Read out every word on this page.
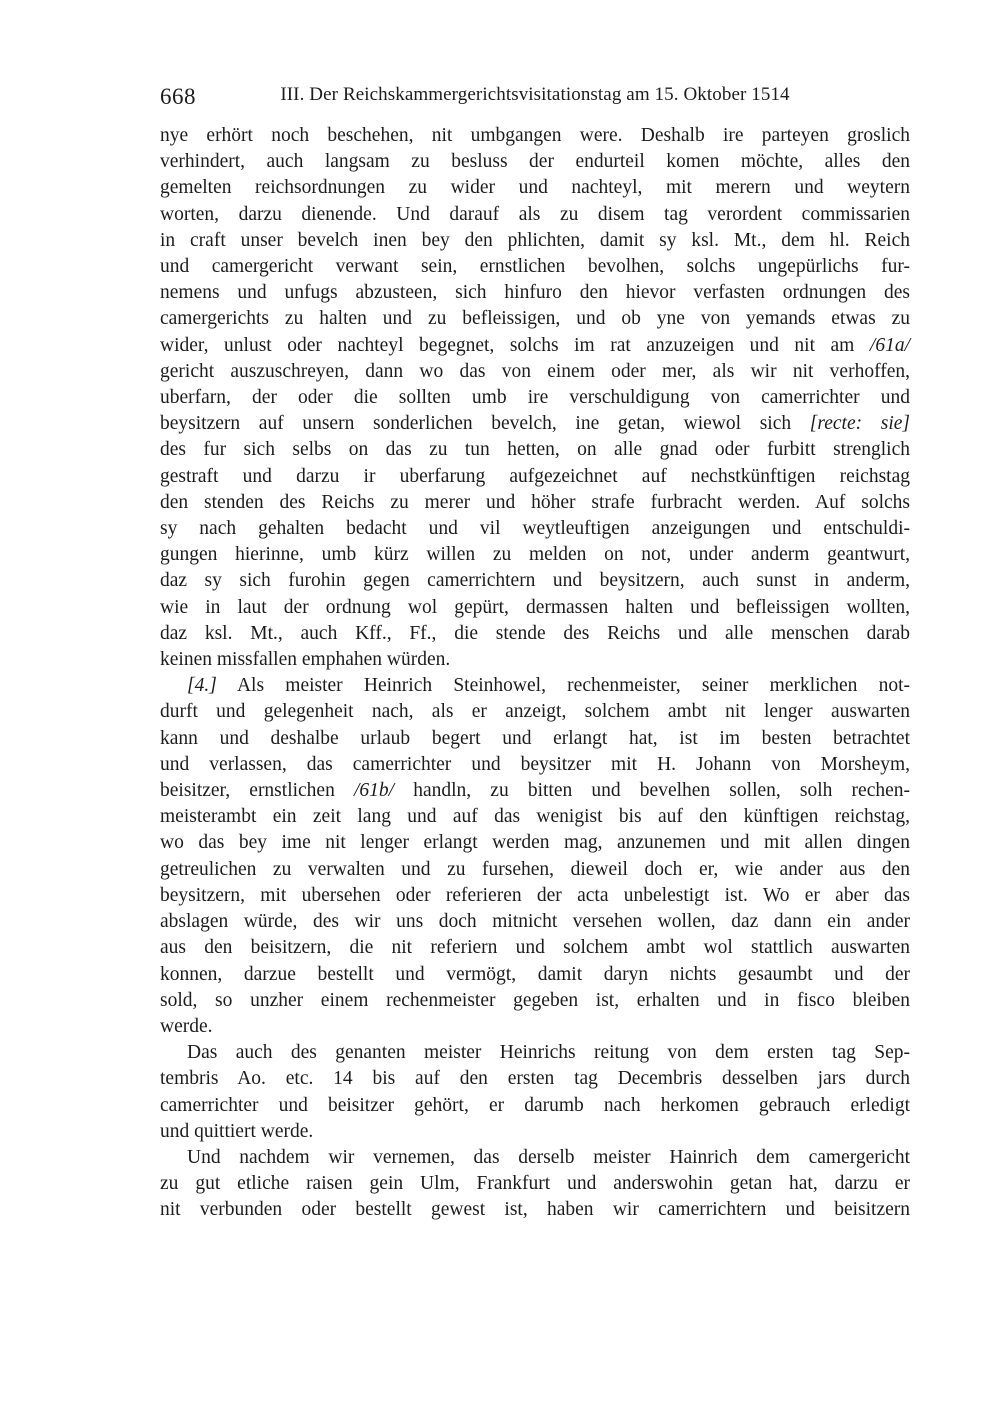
668	III. Der Reichskammergerichtsvisitationstag am 15. Oktober 1514
nye erhört noch beschehen, nit umbgangen were. Deshalb ire parteyen groslich
verhindert, auch langsam zu besluss der endurteil komen möchte, alles den
gemelten reichsordnungen zu wider und nachteyl, mit merern und weytern
worten, darzu dienende. Und darauf als zu disem tag verordent commissarien
in craft unser bevelch inen bey den phlichten, damit sy ksl. Mt., dem hl. Reich
und camergericht verwant sein, ernstlichen bevolhen, solchs ungepürlichs fur-
nemens und unfugs abzusteen, sich hinfuro den hievor verfasten ordnungen des
camergerichts zu halten und zu befleissigen, und ob yne von yemands etwas zu
wider, unlust oder nachteyl begegnet, solchs im rat anzuzeigen und nit am /61a/
gericht auszuschreyen, dann wo das von einem oder mer, als wir nit verhoffen,
uberfarn, der oder die sollten umb ire verschuldigung von camerrichter und
beysitzern auf unsern sonderlichen bevelch, ine getan, wiewol sich [recte: sie]
des fur sich selbs on das zu tun hetten, on alle gnad oder furbitt strenglich
gestraft und darzu ir uberfarung aufgezeichnet auf nechstkünftigen reichstag
den stenden des Reichs zu merer und höher strafe furbracht werden. Auf solchs
sy nach gehalten bedacht und vil weytleuftigen anzeigungen und entschuldi-
gungen hierinne, umb kürz willen zu melden on not, under anderm geantwurt,
daz sy sich furohin gegen camerrichtern und beysitzern, auch sunst in anderm,
wie in laut der ordnung wol gepürt, dermassen halten und befleissigen wollten,
daz ksl. Mt., auch Kff., Ff., die stende des Reichs und alle menschen darab
keinen missfallen emphahen würden.
[4.] Als meister Heinrich Steinhowel, rechenmeister, seiner merklichen not-
durft und gelegenheit nach, als er anzeigt, solchem ambt nit lenger auswarten
kann und deshalbe urlaub begert und erlangt hat, ist im besten betrachtet
und verlassen, das camerrichter und beysitzer mit H. Johann von Morsheym,
beisitzer, ernstlichen /61b/ handln, zu bitten und bevelhen sollen, solh rechen-
meisterambt ein zeit lang und auf das wenigist bis auf den künftigen reichstag,
wo das bey ime nit lenger erlangt werden mag, anzunemen und mit allen dingen
getreulichen zu verwalten und zu fursehen, dieweil doch er, wie ander aus den
beysitzern, mit ubersehen oder referieren der acta unbelestigt ist. Wo er aber das
abslagen würde, des wir uns doch mitnicht versehen wollen, daz dann ein ander
aus den beisitzern, die nit referiern und solchem ambt wol stattlich auswarten
konnen, darzue bestellt und vermögt, damit daryn nichts gesaumbt und der
sold, so unzher einem rechenmeister gegeben ist, erhalten und in fisco bleiben
werde.
Das auch des genanten meister Heinrichs reitung von dem ersten tag Sep-
tembris Ao. etc. 14 bis auf den ersten tag Decembris desselben jars durch
camerrichter und beisitzer gehört, er darumb nach herkomen gebrauch erledigt
und quittiert werde.
Und nachdem wir vernemen, das derselb meister Hainrich dem camergericht
zu gut etliche raisen gein Ulm, Frankfurt und anderswohin getan hat, darzu er
nit verbunden oder bestellt gewest ist, haben wir camerrichtern und beisitzern
